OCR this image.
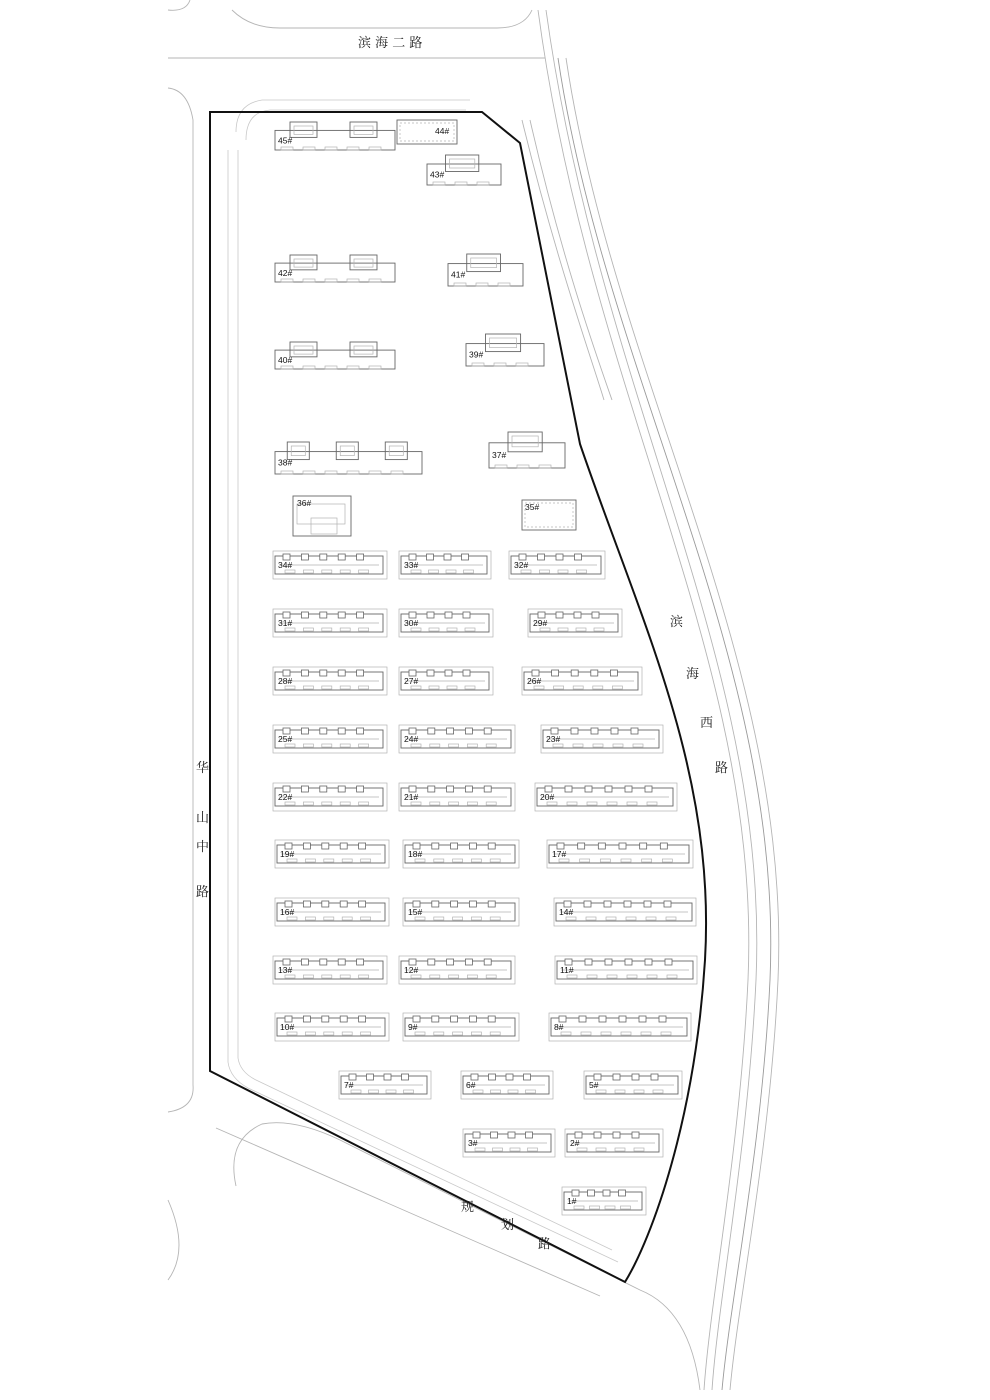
45#
44#
43#
42#	41#
40#
39#
38#
37#
36#	35#
34#	33#	32#
31#	30#	29#
28#	27#	26#
25#	24#	23#
22#	21#	20#
19#	18#	17#
16#	15#	14#
13#	12#	11#
10#	9#	8#
7#	6#	5#
3#	2#
1#
滨 海 二 路
华
山
中
路
滨
海
西
路
规
划
路
